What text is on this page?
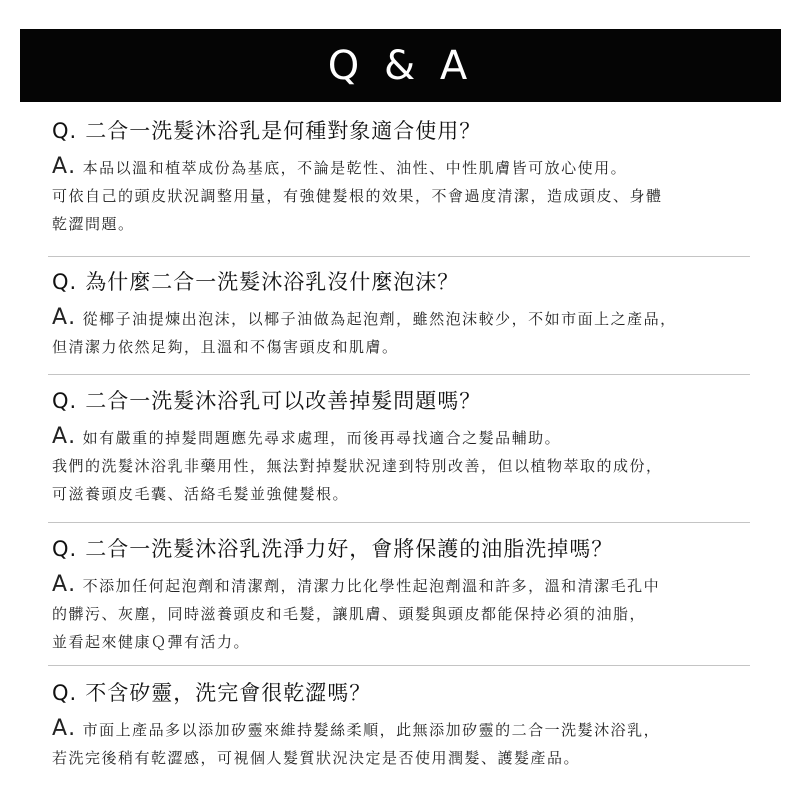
Q & A
Q. 二合一洗髮沐浴乳是何種對象適合使用？

A. 本品以溫和植萃成份為基底，不論是乾性、油性、中性肌膚皆可放心使用。

可依自己的頭皮狀況調整用量，有強健髮根的效果，不會過度清潔，造成頭皮、身體

乾澀問題。

Q. 為什麼二合一洗髮沐浴乳沒什麼泡沫？

A. 從椰子油提煉出泡沫，以椰子油做為起泡劑，雖然泡沫較少，不如市面上之產品，

但清潔力依然足夠，且溫和不傷害頭皮和肌膚。

Q. 二合一洗髮沐浴乳可以改善掉髮問題嗎？

A. 如有嚴重的掉髮問題應先尋求處理，而後再尋找適合之髮品輔助。

我們的洗髮沐浴乳非藥用性，無法對掉髮狀況達到特別改善，但以植物萃取的成份，

可滋養頭皮毛囊、活絡毛髮並強健髮根。

Q. 二合一洗髮沐浴乳洗淨力好，會將保護的油脂洗掉嗎？

A. 不添加任何起泡劑和清潔劑，清潔力比化學性起泡劑溫和許多，溫和清潔毛孔中

的髒污、灰塵，同時滋養頭皮和毛髮，讓肌膚、頭髮與頭皮都能保持必須的油脂，

並看起來健康Ｑ彈有活力。

Q. 不含矽靈，洗完會很乾澀嗎？

A. 市面上產品多以添加矽靈來維持髮絲柔順，此無添加矽靈的二合一洗髮沐浴乳，

若洗完後稍有乾澀感，可視個人髮質狀況決定是否使用潤髮、護髮產品。
